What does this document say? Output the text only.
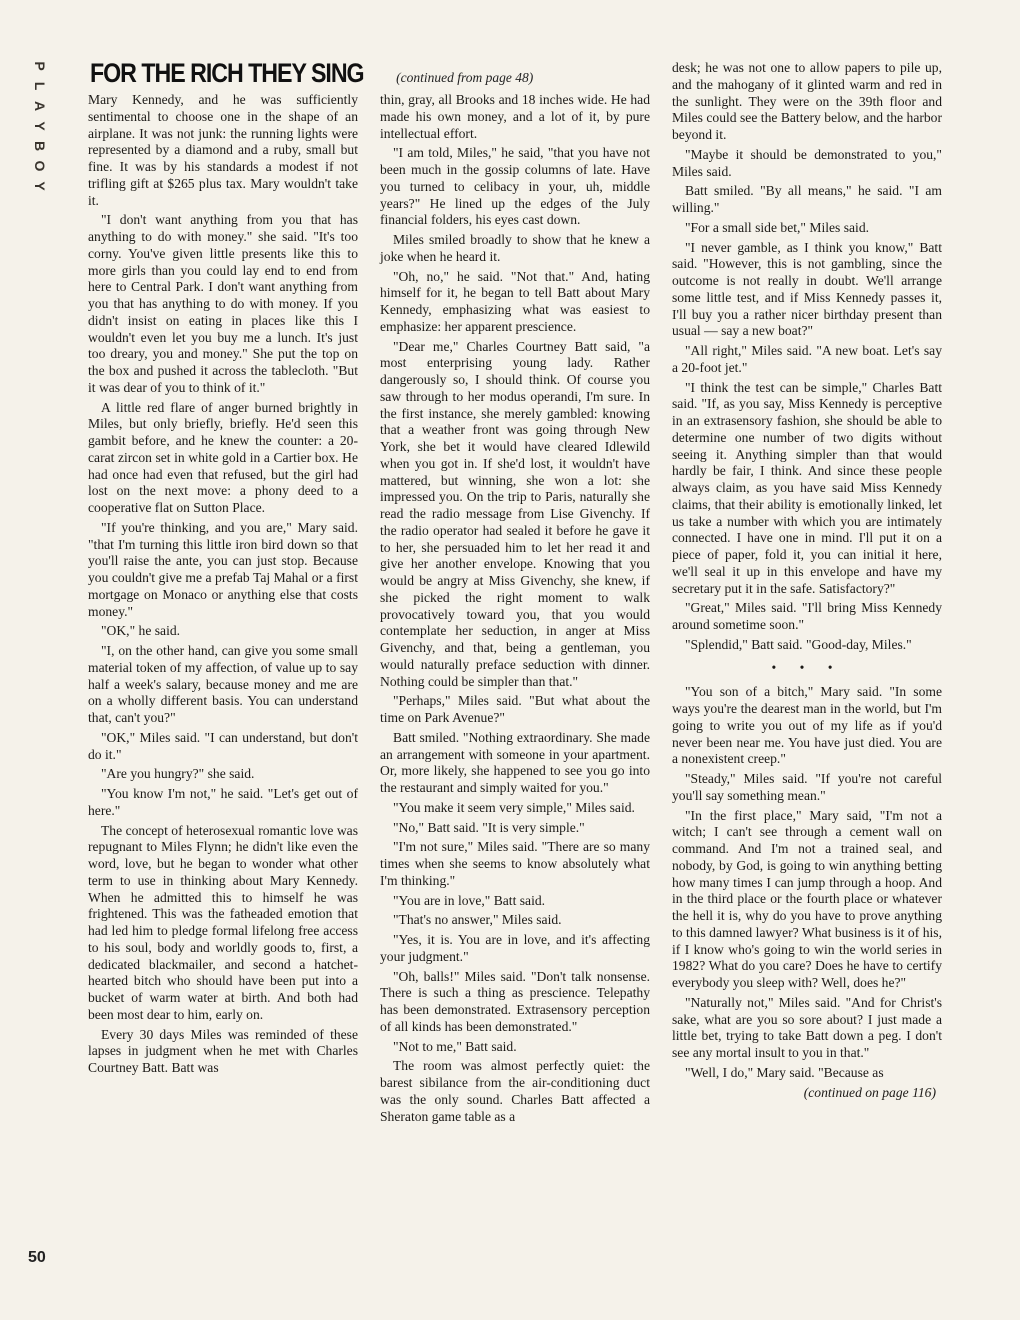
P
L
A
Y
B
O
Y
50
FOR THE RICH THEY SING (continued from page 48)

Mary Kennedy, and he was sufficiently sentimental to choose one in the shape of an airplane. It was not junk: the running lights were represented by a diamond and a ruby, small but fine. It was by his standards a modest if not trifling gift at $265 plus tax. Mary wouldn't take it.

"I don't want anything from you that has anything to do with money." she said. "It's too corny. You've given little presents like this to more girls than you could lay end to end from here to Central Park. I don't want anything from you that has anything to do with money. If you didn't insist on eating in places like this I wouldn't even let you buy me a lunch. It's just too dreary, you and money." She put the top on the box and pushed it across the tablecloth. "But it was dear of you to think of it."

A little red flare of anger burned brightly in Miles, but only briefly, briefly. He'd seen this gambit before, and he knew the counter: a 20-carat zircon set in white gold in a Cartier box. He had once had even that refused, but the girl had lost on the next move: a phony deed to a cooperative flat on Sutton Place.

"If you're thinking, and you are," Mary said. "that I'm turning this little iron bird down so that you'll raise the ante, you can just stop. Because you couldn't give me a prefab Taj Mahal or a first mortgage on Monaco or anything else that costs money."

"OK," he said.

"I, on the other hand, can give you some small material token of my affection, of value up to say half a week's salary, because money and me are on a wholly different basis. You can understand that, can't you?"

"OK," Miles said. "I can understand, but don't do it."

"Are you hungry?" she said.

"You know I'm not," he said. "Let's get out of here."

The concept of heterosexual romantic love was repugnant to Miles Flynn; he didn't like even the word, love, but he began to wonder what other term to use in thinking about Mary Kennedy. When he admitted this to himself he was frightened. This was the fatheaded emotion that had led him to pledge formal lifelong free access to his soul, body and worldly goods to, first, a dedicated blackmailer, and second a hatchet-hearted bitch who should have been put into a bucket of warm water at birth. And both had been most dear to him, early on.

Every 30 days Miles was reminded of these lapses in judgment when he met with Charles Courtney Batt. Batt was

thin, gray, all Brooks and 18 inches wide. He had made his own money, and a lot of it, by pure intellectual effort.

"I am told, Miles," he said, "that you have not been much in the gossip columns of late. Have you turned to celibacy in your, uh, middle years?" He lined up the edges of the July financial folders, his eyes cast down.

Miles smiled broadly to show that he knew a joke when he heard it.

"Oh, no," he said. "Not that." And, hating himself for it, he began to tell Batt about Mary Kennedy, emphasizing what was easiest to emphasize: her apparent prescience.

"Dear me," Charles Courtney Batt said, "a most enterprising young lady. Rather dangerously so, I should think. Of course you saw through to her modus operandi, I'm sure. In the first instance, she merely gambled: knowing that a weather front was going through New York, she bet it would have cleared Idlewild when you got in. If she'd lost, it wouldn't have mattered, but winning, she won a lot: she impressed you. On the trip to Paris, naturally she read the radio message from Lise Givenchy. If the radio operator had sealed it before he gave it to her, she persuaded him to let her read it and give her another envelope. Knowing that you would be angry at Miss Givenchy, she knew, if she picked the right moment to walk provocatively toward you, that you would contemplate her seduction, in anger at Miss Givenchy, and that, being a gentleman, you would naturally preface seduction with dinner. Nothing could be simpler than that."

"Perhaps," Miles said. "But what about the time on Park Avenue?"

Batt smiled. "Nothing extraordinary. She made an arrangement with someone in your apartment. Or, more likely, she happened to see you go into the restaurant and simply waited for you."

"You make it seem very simple," Miles said.

"No," Batt said. "It is very simple."

"I'm not sure," Miles said. "There are so many times when she seems to know absolutely what I'm thinking."

"You are in love," Batt said.

"That's no answer," Miles said.

"Yes, it is. You are in love, and it's affecting your judgment."

"Oh, balls!" Miles said. "Don't talk nonsense. There is such a thing as prescience. Telepathy has been demonstrated. Extrasensory perception of all kinds has been demonstrated."

"Not to me," Batt said.

The room was almost perfectly quiet: the barest sibilance from the air-conditioning duct was the only sound. Charles Batt affected a Sheraton game table as a

desk; he was not one to allow papers to pile up, and the mahogany of it glinted warm and red in the sunlight. They were on the 39th floor and Miles could see the Battery below, and the harbor beyond it.

"Maybe it should be demonstrated to you," Miles said.

Batt smiled. "By all means," he said. "I am willing."

"For a small side bet," Miles said.

"I never gamble, as I think you know," Batt said. "However, this is not gambling, since the outcome is not really in doubt. We'll arrange some little test, and if Miss Kennedy passes it, I'll buy you a rather nicer birthday present than usual — say a new boat?"

"All right," Miles said. "A new boat. Let's say a 20-foot jet."

"I think the test can be simple," Charles Batt said. "If, as you say, Miss Kennedy is perceptive in an extrasensory fashion, she should be able to determine one number of two digits without seeing it. Anything simpler than that would hardly be fair, I think. And since these people always claim, as you have said Miss Kennedy claims, that their ability is emotionally linked, let us take a number with which you are intimately connected. I have one in mind. I'll put it on a piece of paper, fold it, you can initial it here, we'll seal it up in this envelope and have my secretary put it in the safe. Satisfactory?"

"Great," Miles said. "I'll bring Miss Kennedy around sometime soon."

"Splendid," Batt said. "Good-day, Miles."

• • •

"You son of a bitch," Mary said. "In some ways you're the dearest man in the world, but I'm going to write you out of my life as if you'd never been near me. You have just died. You are a nonexistent creep."

"Steady," Miles said. "If you're not careful you'll say something mean."

"In the first place," Mary said, "I'm not a witch; I can't see through a cement wall on command. And I'm not a trained seal, and nobody, by God, is going to win anything betting how many times I can jump through a hoop. And in the third place or the fourth place or whatever the hell it is, why do you have to prove anything to this damned lawyer? What business is it of his, if I know who's going to win the world series in 1982? What do you care? Does he have to certify everybody you sleep with? Well, does he?"

"Naturally not," Miles said. "And for Christ's sake, what are you so sore about? I just made a little bet, trying to take Batt down a peg. I don't see any mortal insult to you in that."

"Well, I do," Mary said. "Because as

(continued on page 116)
